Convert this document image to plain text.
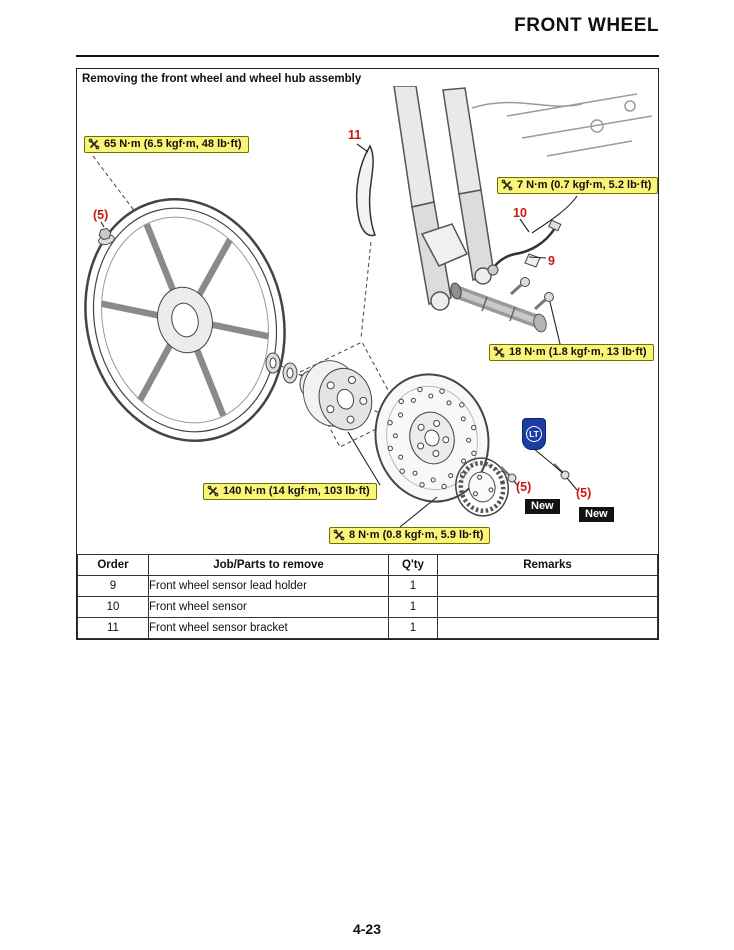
FRONT WHEEL
Removing the front wheel and wheel hub assembly
65 N·m (6.5 kgf·m, 48 lb·ft)
7 N·m (0.7 kgf·m, 5.2 lb·ft)
18 N·m (1.8 kgf·m, 13 lb·ft)
140 N·m (14 kgf·m, 103 lb·ft)
8 N·m (0.8 kgf·m, 5.9 lb·ft)
11
10
9
(5)
(5)	(5)
LT
New
New
Order	Job/Parts to remove	Q'ty	Remarks
9	Front wheel sensor lead holder	1	
10	Front wheel sensor	1	
11	Front wheel sensor bracket	1	
4-23
